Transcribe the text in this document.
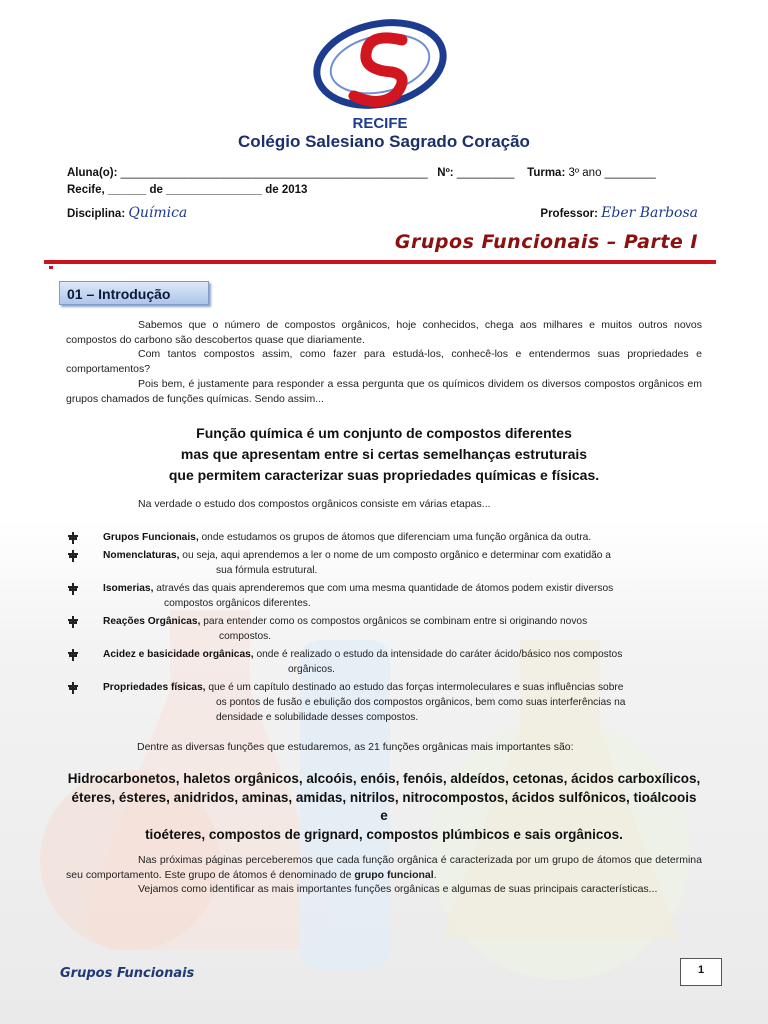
RECIFE
Colégio Salesiano Sagrado Coração
Aluna(o): ________________________________________________ Nº: _________ Turma: 3º ano ________
Recife, ______ de _______________ de 2013
Disciplina: Química	Professor: Eber Barbosa
Grupos Funcionais – Parte I
01 – Introdução
Sabemos que o número de compostos orgânicos, hoje conhecidos, chega aos milhares e muitos outros novos compostos do carbono são descobertos quase que diariamente.
Com tantos compostos assim, como fazer para estudá-los, conhecê-los e entendermos suas propriedades e comportamentos?
Pois bem, é justamente para responder a essa pergunta que os químicos dividem os diversos compostos orgânicos em grupos chamados de funções químicas. Sendo assim...
Função química é um conjunto de compostos diferentes
mas que apresentam entre si certas semelhanças estruturais
que permitem caracterizar suas propriedades químicas e físicas.
Na verdade o estudo dos compostos orgânicos consiste em várias etapas...
Grupos Funcionais, onde estudamos os grupos de átomos que diferenciam uma função orgânica da outra.
Nomenclaturas, ou seja, aqui aprendemos a ler o nome de um composto orgânico e determinar com exatidão a
sua fórmula estrutural.
Isomerias, através das quais aprenderemos que com uma mesma quantidade de átomos podem existir diversos
compostos orgânicos diferentes.
Reações Orgânicas, para entender como os compostos orgânicos se combinam entre si originando novos
compostos.
Acidez e basicidade orgânicas, onde é realizado o estudo da intensidade do caráter ácido/básico nos compostos
orgânicos.
Propriedades físicas, que é um capítulo destinado ao estudo das forças intermoleculares e suas influências sobre
os pontos de fusão e ebulição dos compostos orgânicos, bem como suas interferências na
densidade e solubilidade desses compostos.
Dentre as diversas funções que estudaremos, as 21 funções orgânicas mais importantes são:
Hidrocarbonetos, haletos orgânicos, alcoóis, enóis, fenóis, aldeídos, cetonas, ácidos carboxílicos,
éteres, ésteres, anidridos, aminas, amidas, nitrilos, nitrocompostos, ácidos sulfônicos, tioálcoois e
tioéteres, compostos de grignard, compostos plúmbicos e sais orgânicos.
Nas próximas páginas perceberemos que cada função orgânica é caracterizada por um grupo de átomos que determina seu comportamento. Este grupo de átomos é denominado de grupo funcional.
Vejamos como identificar as mais importantes funções orgânicas e algumas de suas principais características...
Grupos Funcionais	1
